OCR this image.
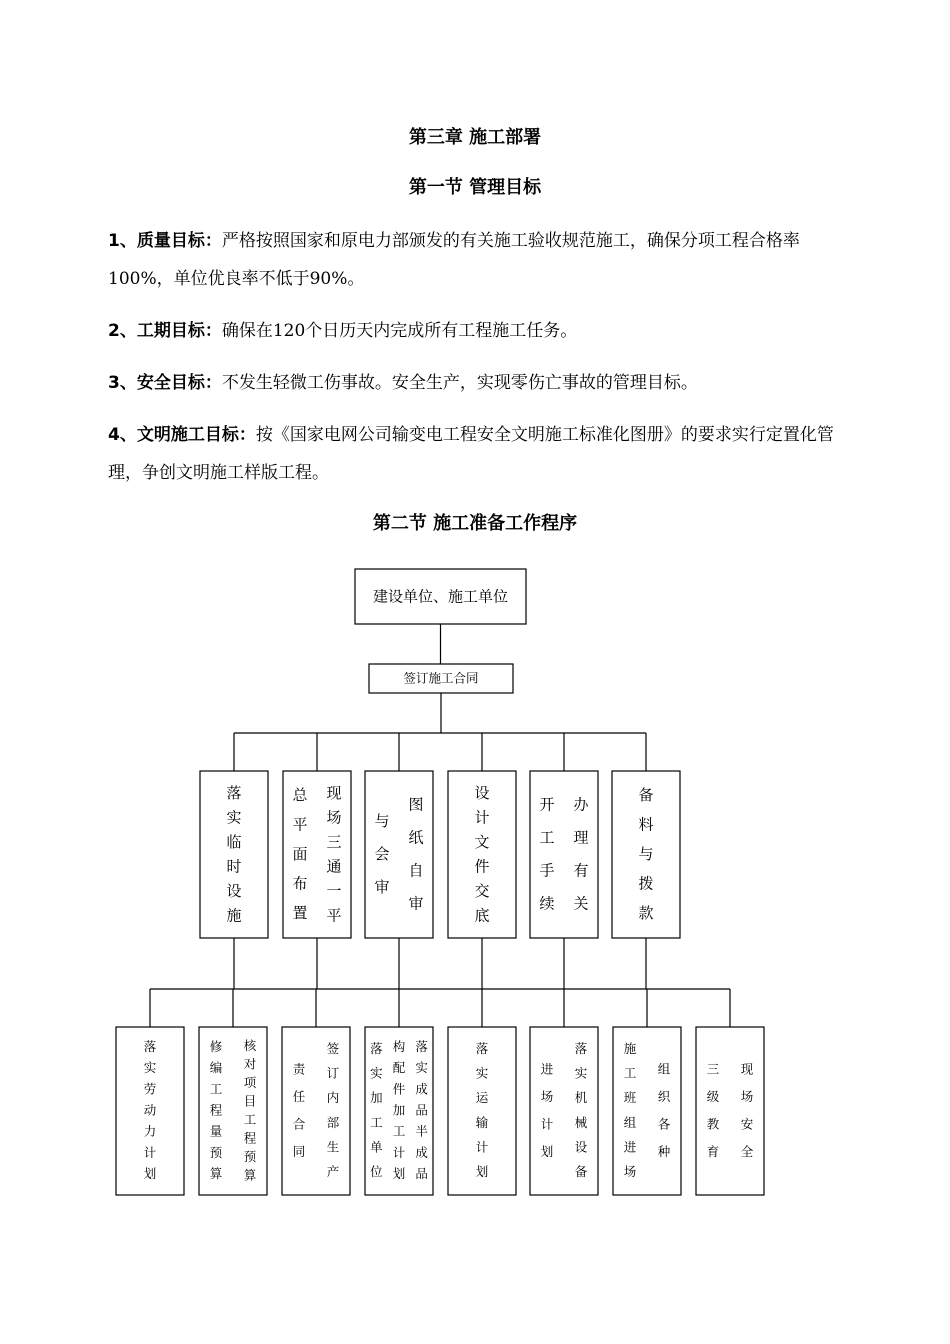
第三章 施工部署
第一节 管理目标

1、质量目标：严格按照国家和原电力部颁发的有关施工验收规范施工，确保分项工程合格率100%，单位优良率不低于90%。

2、工期目标：确保在120个日历天内完成所有工程施工任务。

3、安全目标：不发生轻微工伤事故。安全生产，实现零伤亡事故的管理目标。

4、文明施工目标：按《国家电网公司输变电工程安全文明施工标准化图册》的要求实行定置化管理，争创文明施工样版工程。

第二节 施工准备工作程序
建设单位、施工单位
签订施工合同
落
实
临
时
设
施
现
场
三
通
一
平
总
平
面
布
置
图
纸
自
审
与
会
审
设
计
文
件
交
底
办
理
有
关
开
工
手
续
备
料
与
拨
款
落
实
劳
动
力
计
划
核
对
项
目
工
程
预
算
修
编
工
程
量
预
算
签
订
内
部
生
产
责
任
合
同
落
实
成
品
半
成
品
构
配
件
加
工
计
划
落
实
加
工
单
位
落
实
运
输
计
划
落
实
机
械
设
备
进
场
计
划
组
织
各
种
施
工
班
组
进
场
现
场
安
全
三
级
教
育
